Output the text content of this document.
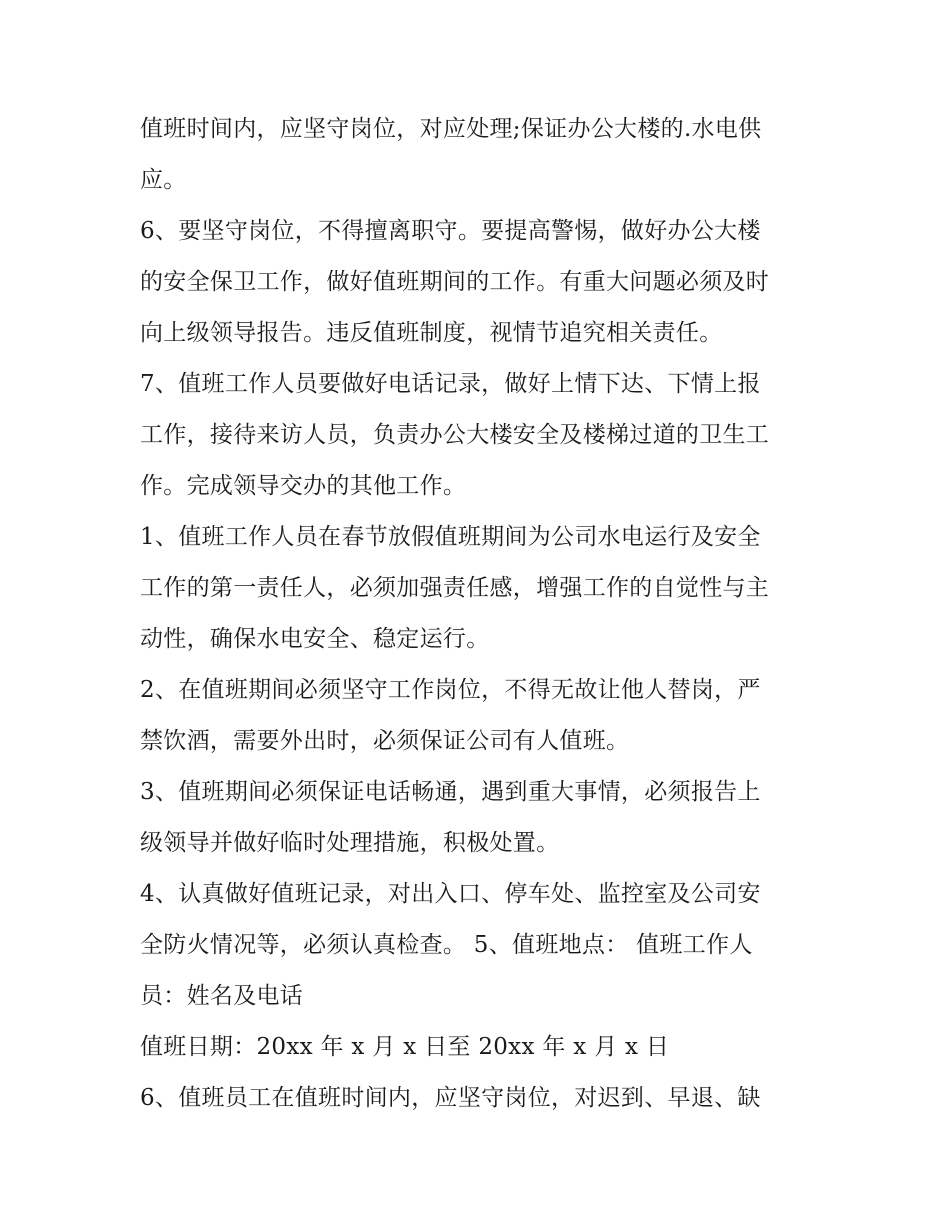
值班时间内，应坚守岗位，对应处理;保证办公大楼的.水电供
应。
6、要坚守岗位，不得擅离职守。要提高警惕，做好办公大楼
的安全保卫工作，做好值班期间的工作。有重大问题必须及时
向上级领导报告。违反值班制度，视情节追究相关责任。
7、值班工作人员要做好电话记录，做好上情下达、下情上报
工作，接待来访人员，负责办公大楼安全及楼梯过道的卫生工
作。完成领导交办的其他工作。
1、值班工作人员在春节放假值班期间为公司水电运行及安全
工作的第一责任人，必须加强责任感，增强工作的自觉性与主
动性，确保水电安全、稳定运行。
2、在值班期间必须坚守工作岗位，不得无故让他人替岗，严
禁饮酒，需要外出时，必须保证公司有人值班。
3、值班期间必须保证电话畅通，遇到重大事情，必须报告上
级领导并做好临时处理措施，积极处置。
4、认真做好值班记录，对出入口、停车处、监控室及公司安
全防火情况等，必须认真检查。 5、值班地点： 值班工作人
员：姓名及电话
值班日期：20xx 年 x 月 x 日至 20xx 年 x 月 x 日
6、值班员工在值班时间内，应坚守岗位，对迟到、早退、缺
